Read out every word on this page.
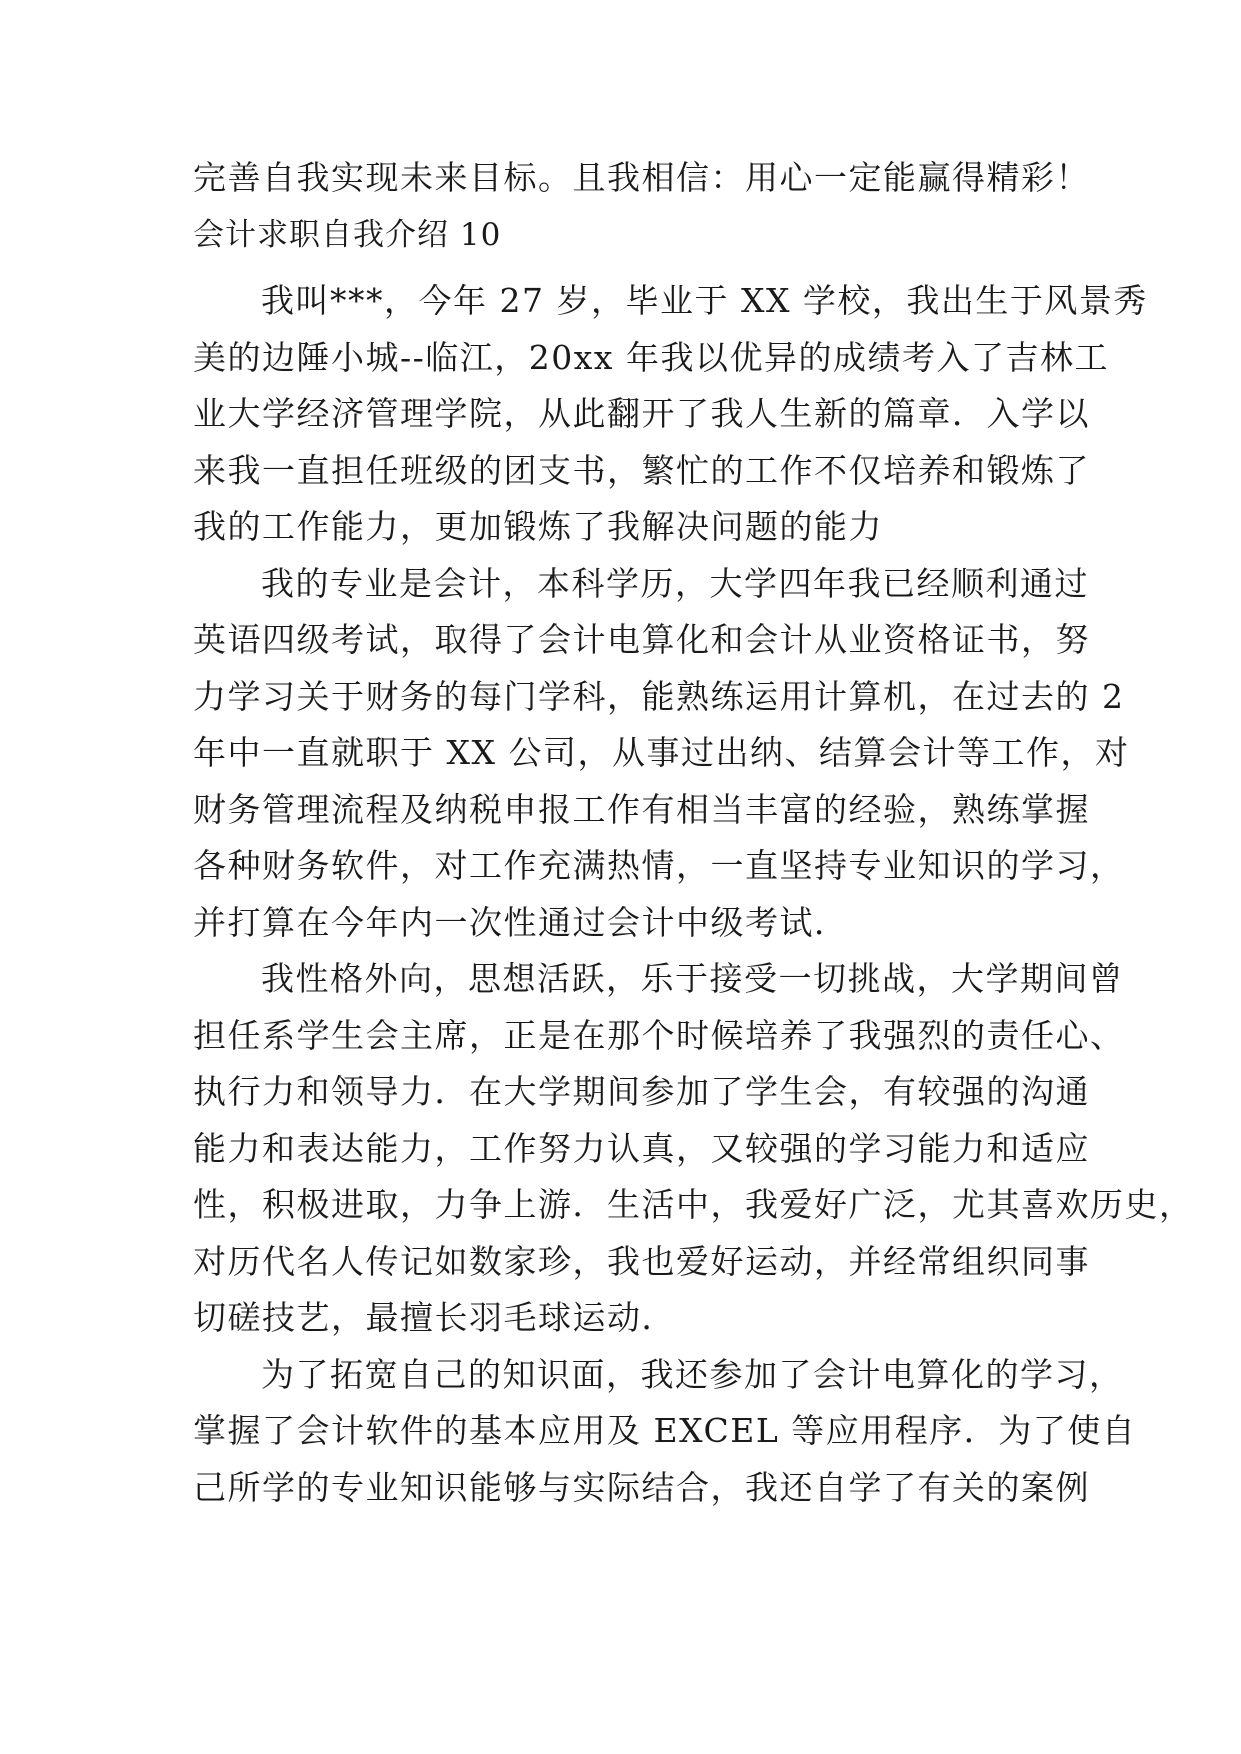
完善自我实现未来目标。且我相信：用心一定能赢得精彩！

会计求职自我介绍 10

我叫***，今年 27 岁，毕业于 XX 学校，我出生于风景秀

美的边陲小城--临江，20xx 年我以优异的成绩考入了吉林工

业大学经济管理学院，从此翻开了我人生新的篇章．入学以

来我一直担任班级的团支书，繁忙的工作不仅培养和锻炼了

我的工作能力，更加锻炼了我解决问题的能力

我的专业是会计，本科学历，大学四年我已经顺利通过

英语四级考试，取得了会计电算化和会计从业资格证书，努

力学习关于财务的每门学科，能熟练运用计算机，在过去的 2

年中一直就职于 XX 公司，从事过出纳、结算会计等工作，对

财务管理流程及纳税申报工作有相当丰富的经验，熟练掌握

各种财务软件，对工作充满热情，一直坚持专业知识的学习，

并打算在今年内一次性通过会计中级考试．

我性格外向，思想活跃，乐于接受一切挑战，大学期间曾

担任系学生会主席，正是在那个时候培养了我强烈的责任心、

执行力和领导力．在大学期间参加了学生会，有较强的沟通

能力和表达能力，工作努力认真，又较强的学习能力和适应

性，积极进取，力争上游．生活中，我爱好广泛，尤其喜欢历史，

对历代名人传记如数家珍，我也爱好运动，并经常组织同事

切磋技艺，最擅长羽毛球运动．

为了拓宽自己的知识面，我还参加了会计电算化的学习，

掌握了会计软件的基本应用及 EXCEL 等应用程序．为了使自

己所学的专业知识能够与实际结合，我还自学了有关的案例
